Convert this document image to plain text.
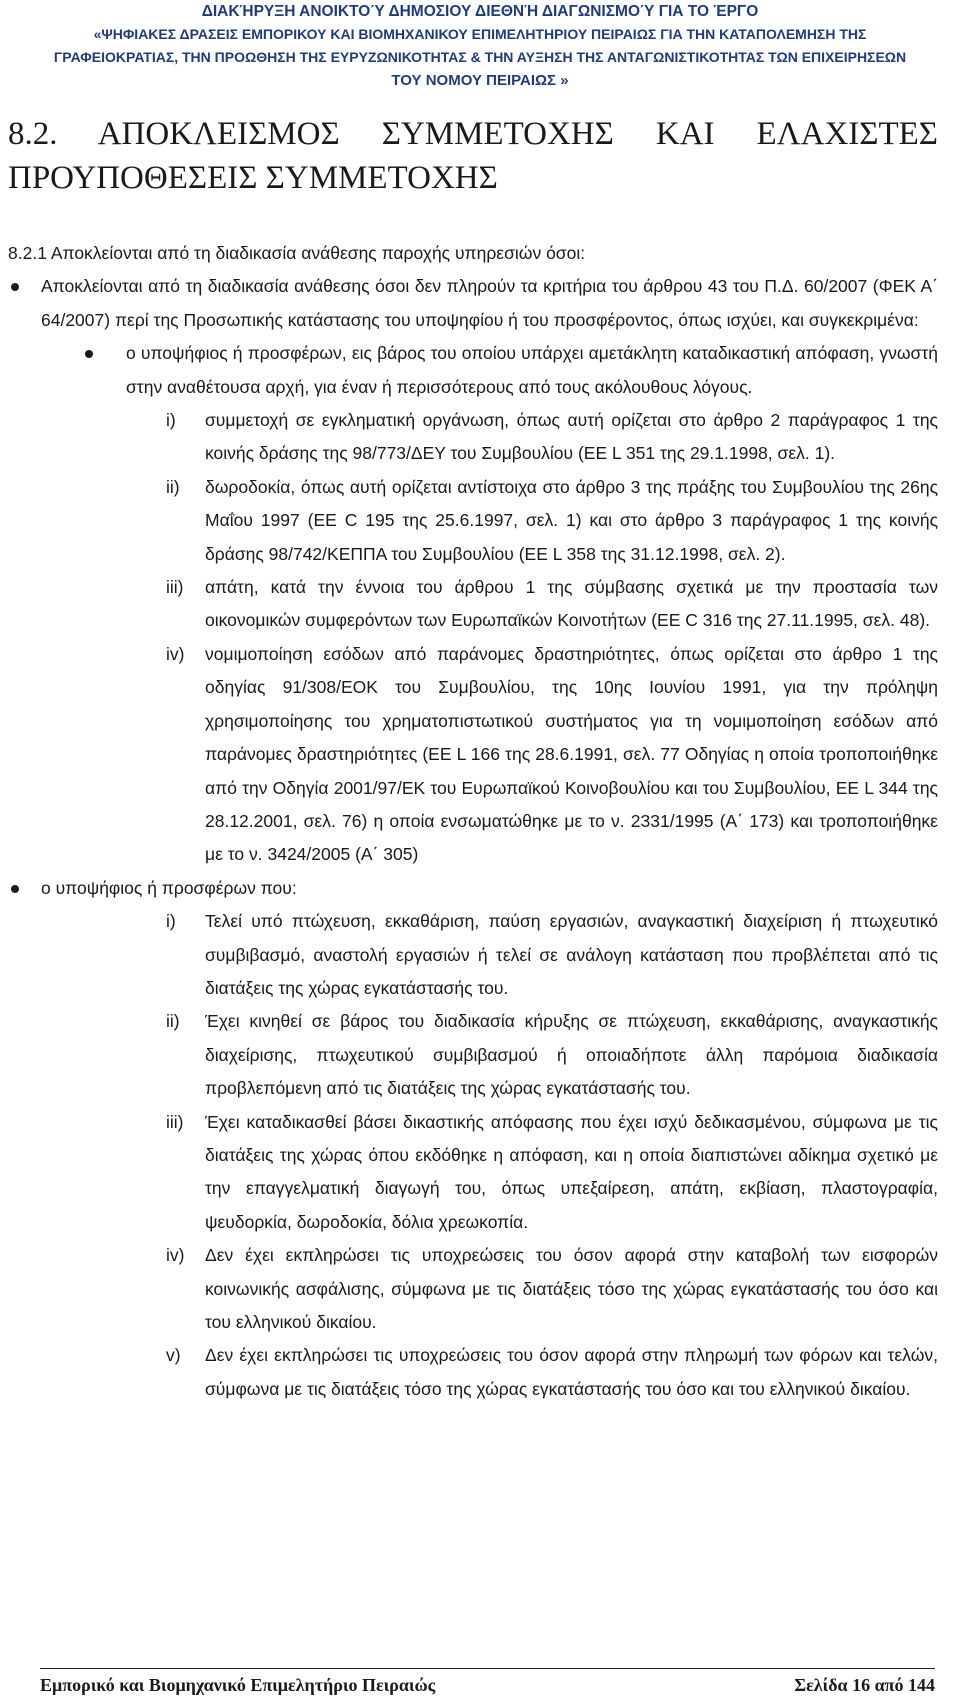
ΔΙΑΚΉΡΥΞΗ ΑΝΟΙΚΤΟΎ ΔΗΜΟΣΙΟΥ ΔΙΕΘΝΉ ΔΙΑΓΩΝΙΣΜΟΎ ΓΙΑ ΤΟ ΈΡΓΟ
«ΨΗΦΙΑΚΕΣ ΔΡΑΣΕΙΣ ΕΜΠΟΡΙΚΟΥ ΚΑΙ ΒΙΟΜΗΧΑΝΙΚΟΥ ΕΠΙΜΕΛΗΤΗΡΙΟΥ ΠΕΙΡΑΙΩΣ ΓΙΑ ΤΗΝ ΚΑΤΑΠΟΛΕΜΗΣΗ ΤΗΣ
ΓΡΑΦΕΙΟΚΡΑΤΙΑΣ, ΤΗΝ ΠΡΟΩΘΗΣΗ ΤΗΣ ΕΥΡΥΖΩΝΙΚΟΤΗΤΑΣ & ΤΗΝ ΑΥΞΗΣΗ ΤΗΣ ΑΝΤΑΓΩΝΙΣΤΙΚΟΤΗΤΑΣ ΤΩΝ ΕΠΙΧΕΙΡΗΣΕΩΝ
ΤΟΥ ΝΟΜΟΥ ΠΕΙΡΑΙΩΣ »
8.2. ΑΠΟΚΛΕΙΣΜΟΣ ΣΥΜΜΕΤΟΧΗΣ ΚΑΙ ΕΛΑΧΙΣΤΕΣ ΠΡΟΥΠΟΘΕΣΕΙΣ ΣΥΜΜΕΤΟΧΗΣ

8.2.1 Αποκλείονται από τη διαδικασία ανάθεσης παροχής υπηρεσιών όσοι:

Αποκλείονται από τη διαδικασία ανάθεσης όσοι δεν πληρούν τα κριτήρια του άρθρου 43 του Π.Δ. 60/2007 (ΦΕΚ Α΄ 64/2007) περί της Προσωπικής κατάστασης του υποψηφίου ή του προσφέροντος, όπως ισχύει, και συγκεκριμένα:
ο υποψήφιος ή προσφέρων, εις βάρος του οποίου υπάρχει αμετάκλητη καταδικαστική απόφαση, γνωστή στην αναθέτουσα αρχή, για έναν ή περισσότερους από τους ακόλουθους λόγους.
i) συμμετοχή σε εγκληματική οργάνωση, όπως αυτή ορίζεται στο άρθρο 2 παράγραφος 1 της κοινής δράσης της 98/773/ΔΕΥ του Συμβουλίου (ΕΕ L 351 της 29.1.1998, σελ. 1).
ii) δωροδοκία, όπως αυτή ορίζεται αντίστοιχα στο άρθρο 3 της πράξης του Συμβουλίου της 26ης Μαΐου 1997 (ΕΕ C 195 της 25.6.1997, σελ. 1) και στο άρθρο 3 παράγραφος 1 της κοινής δράσης 98/742/ΚΕΠΠΑ του Συμβουλίου (ΕΕ L 358 της 31.12.1998, σελ. 2).
iii) απάτη, κατά την έννοια του άρθρου 1 της σύμβασης σχετικά με την προστασία των οικονομικών συμφερόντων των Ευρωπαϊκών Κοινοτήτων (ΕΕ C 316 της 27.11.1995, σελ. 48).
iv) νομιμοποίηση εσόδων από παράνομες δραστηριότητες, όπως ορίζεται στο άρθρο 1 της οδηγίας 91/308/ΕΟΚ του Συμβουλίου, της 10ης Ιουνίου 1991, για την πρόληψη χρησιμοποίησης του χρηματοπιστωτικού συστήματος για τη νομιμοποίηση εσόδων από παράνομες δραστηριότητες (ΕΕ L 166 της 28.6.1991, σελ. 77 Οδηγίας η οποία τροποποιήθηκε από την Οδηγία 2001/97/ΕΚ του Ευρωπαϊκού Κοινοβουλίου και του Συμβουλίου, ΕΕ L 344 της 28.12.2001, σελ. 76) η οποία ενσωματώθηκε με το ν. 2331/1995 (Α΄ 173) και τροποποιήθηκε με το ν. 3424/2005 (Α΄ 305)
ο υποψήφιος ή προσφέρων που:
i) Τελεί υπό πτώχευση, εκκαθάριση, παύση εργασιών, αναγκαστική διαχείριση ή πτωχευτικό συμβιβασμό, αναστολή εργασιών ή τελεί σε ανάλογη κατάσταση που προβλέπεται από τις διατάξεις της χώρας εγκατάστασής του.
ii) Έχει κινηθεί σε βάρος του διαδικασία κήρυξης σε πτώχευση, εκκαθάρισης, αναγκαστικής διαχείρισης, πτωχευτικού συμβιβασμού ή οποιαδήποτε άλλη παρόμοια διαδικασία προβλεπόμενη από τις διατάξεις της χώρας εγκατάστασής του.
iii) Έχει καταδικασθεί βάσει δικαστικής απόφασης που έχει ισχύ δεδικασμένου, σύμφωνα με τις διατάξεις της χώρας όπου εκδόθηκε η απόφαση, και η οποία διαπιστώνει αδίκημα σχετικό με την επαγγελματική διαγωγή του, όπως υπεξαίρεση, απάτη, εκβίαση, πλαστογραφία, ψευδορκία, δωροδοκία, δόλια χρεωκοπία.
iv) Δεν έχει εκπληρώσει τις υποχρεώσεις του όσον αφορά στην καταβολή των εισφορών κοινωνικής ασφάλισης, σύμφωνα με τις διατάξεις τόσο της χώρας εγκατάστασής του όσο και του ελληνικού δικαίου.
v) Δεν έχει εκπληρώσει τις υποχρεώσεις του όσον αφορά στην πληρωμή των φόρων και τελών, σύμφωνα με τις διατάξεις τόσο της χώρας εγκατάστασής του όσο και του ελληνικού δικαίου.
Εμπορικό και Βιομηχανικό Επιμελητήριο Πειραιώς	Σελίδα 16 από 144
